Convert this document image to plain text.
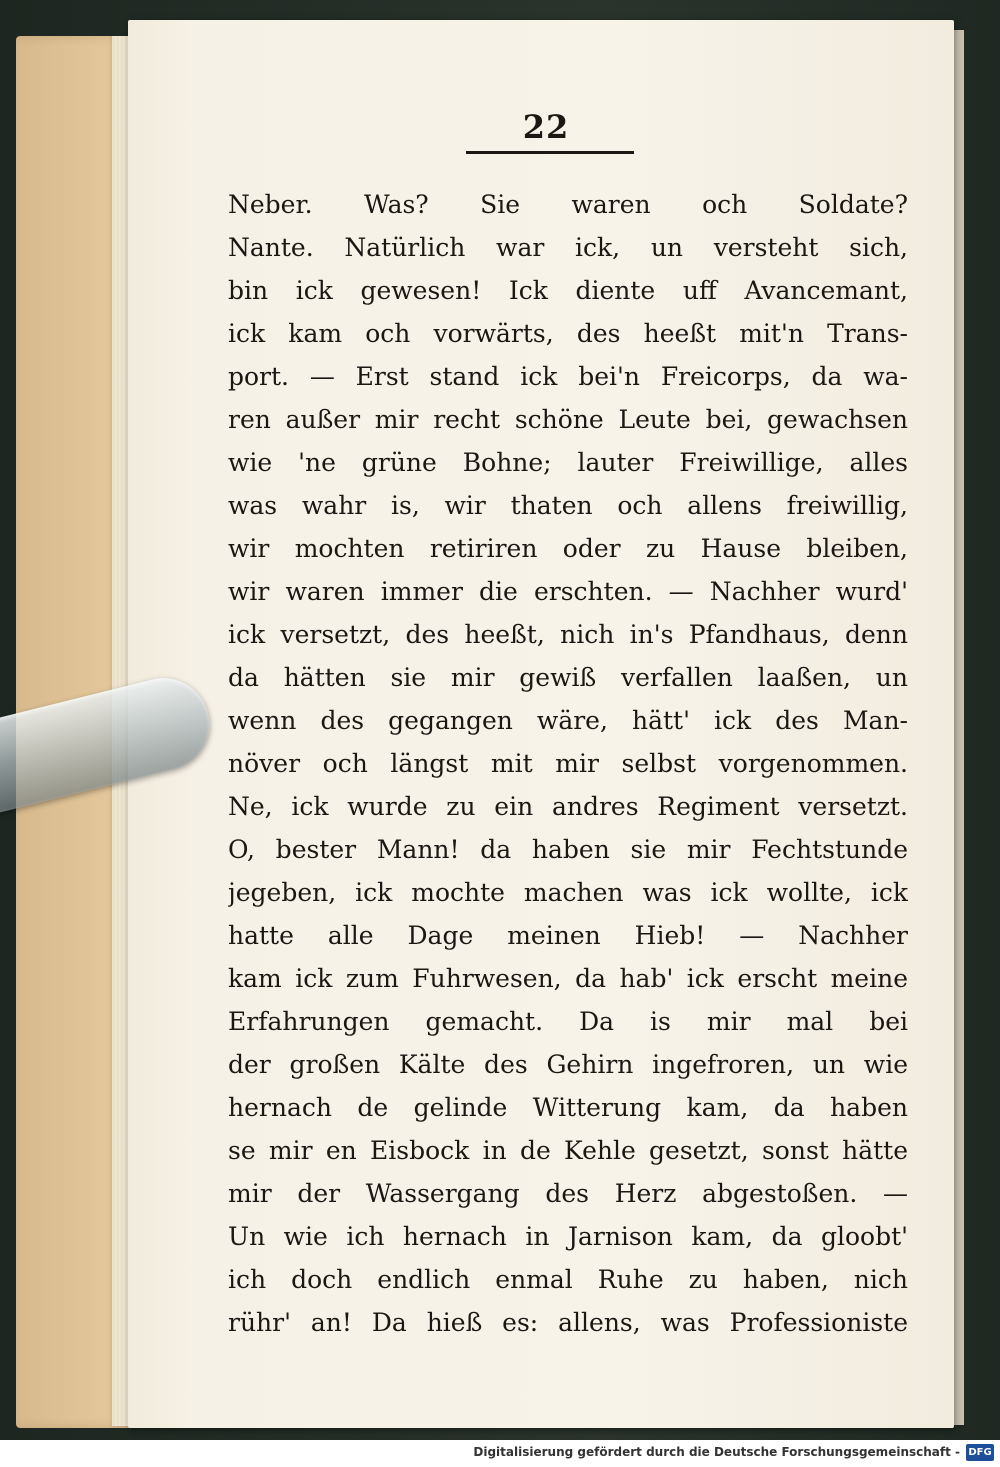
22
Neber. Was? Sie waren och Soldate?
Nante. Natürlich war ick, un versteht sich,
bin ick gewesen! Ick diente uff Avancemant,
ick kam och vorwärts, des heeßt mit'n Trans-
port. — Erst stand ick bei'n Freicorps, da wa-
ren außer mir recht schöne Leute bei, gewachsen
wie 'ne grüne Bohne; lauter Freiwillige, alles
was wahr is, wir thaten och allens freiwillig,
wir mochten retiriren oder zu Hause bleiben,
wir waren immer die erschten. — Nachher wurd'
ick versetzt, des heeßt, nich in's Pfandhaus, denn
da hätten sie mir gewiß verfallen laaßen, un
wenn des gegangen wäre, hätt' ick des Man-
növer och längst mit mir selbst vorgenommen.
Ne, ick wurde zu ein andres Regiment versetzt.
O, bester Mann! da haben sie mir Fechtstunde
jegeben, ick mochte machen was ick wollte, ick
hatte alle Dage meinen Hieb! — Nachher
kam ick zum Fuhrwesen, da hab' ick erscht meine
Erfahrungen gemacht. Da is mir mal bei
der großen Kälte des Gehirn ingefroren, un wie
hernach de gelinde Witterung kam, da haben
se mir en Eisbock in de Kehle gesetzt, sonst hätte
mir der Wassergang des Herz abgestoßen. —
Un wie ich hernach in Jarnison kam, da gloobt'
ich doch endlich enmal Ruhe zu haben, nich
rühr' an! Da hieß es: allens, was Professioniste
Digitalisierung gefördert durch die Deutsche Forschungsgemeinschaft - DFG
